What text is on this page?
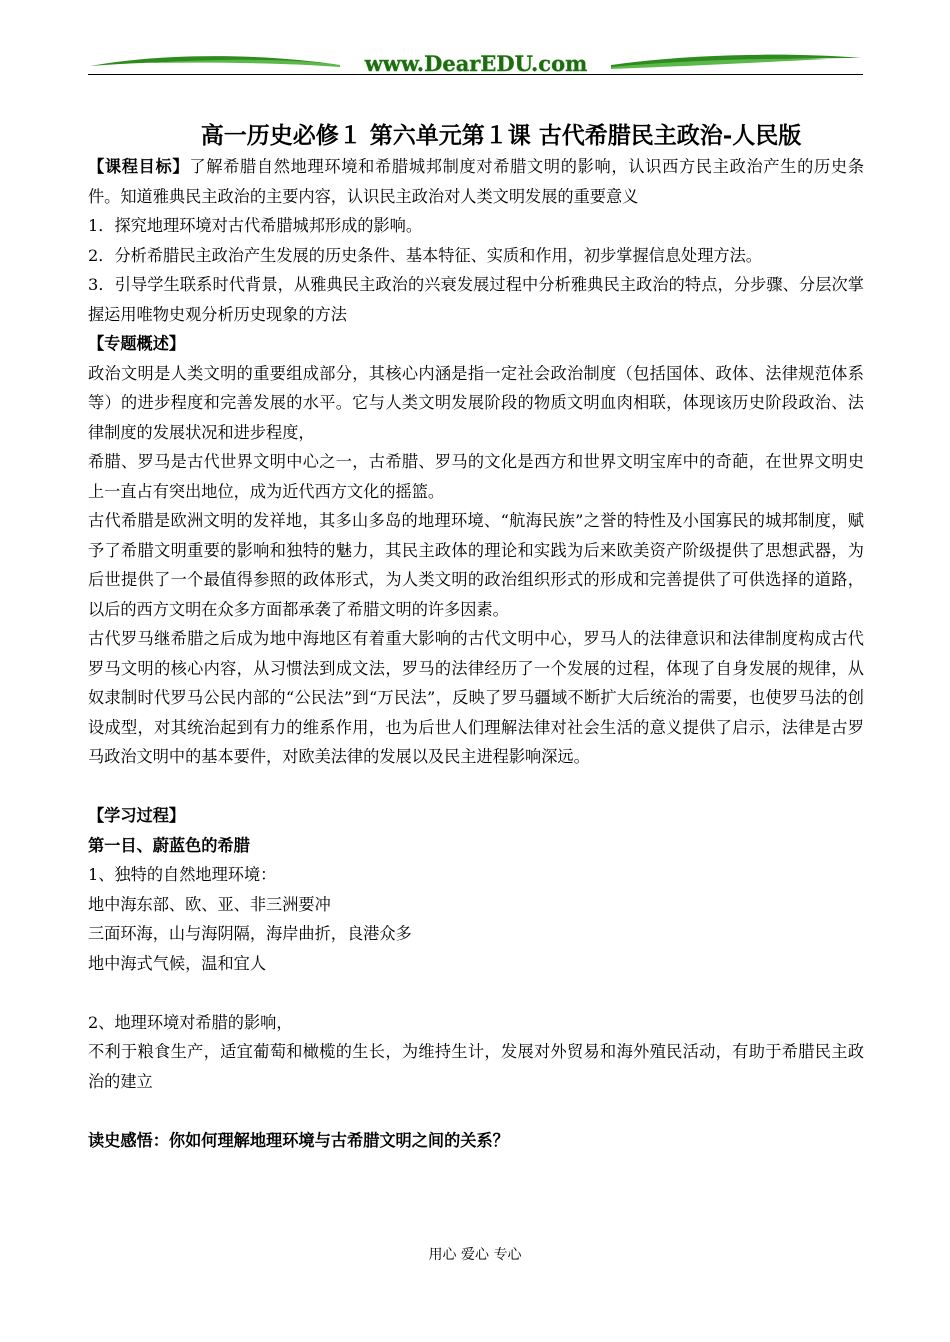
www.DearEDU.com
高一历史必修１ 第六单元第１课 古代希腊民主政治-人民版

【课程目标】了解希腊自然地理环境和希腊城邦制度对希腊文明的影响，认识西方民主政治产生的历史条件。知道雅典民主政治的主要内容，认识民主政治对人类文明发展的重要意义

1．探究地理环境对古代希腊城邦形成的影响。

2．分析希腊民主政治产生发展的历史条件、基本特征、实质和作用，初步掌握信息处理方法。

3．引导学生联系时代背景，从雅典民主政治的兴衰发展过程中分析雅典民主政治的特点，分步骤、分层次掌握运用唯物史观分析历史现象的方法

【专题概述】

政治文明是人类文明的重要组成部分，其核心内涵是指一定社会政治制度（包括国体、政体、法律规范体系等）的进步程度和完善发展的水平。它与人类文明发展阶段的物质文明血肉相联，体现该历史阶段政治、法律制度的发展状况和进步程度，

希腊、罗马是古代世界文明中心之一，古希腊、罗马的文化是西方和世界文明宝库中的奇葩，在世界文明史上一直占有突出地位，成为近代西方文化的摇篮。

古代希腊是欧洲文明的发祥地，其多山多岛的地理环境、“航海民族”之誉的特性及小国寡民的城邦制度，赋予了希腊文明重要的影响和独特的魅力，其民主政体的理论和实践为后来欧美资产阶级提供了思想武器，为后世提供了一个最值得参照的政体形式，为人类文明的政治组织形式的形成和完善提供了可供选择的道路，以后的西方文明在众多方面都承袭了希腊文明的许多因素。

古代罗马继希腊之后成为地中海地区有着重大影响的古代文明中心，罗马人的法律意识和法律制度构成古代罗马文明的核心内容，从习惯法到成文法，罗马的法律经历了一个发展的过程，体现了自身发展的规律，从奴隶制时代罗马公民内部的“公民法”到“万民法”，反映了罗马疆域不断扩大后统治的需要，也使罗马法的创设成型，对其统治起到有力的维系作用，也为后世人们理解法律对社会生活的意义提供了启示，法律是古罗马政治文明中的基本要件，对欧美法律的发展以及民主进程影响深远。

【学习过程】

第一目、蔚蓝色的希腊

1、独特的自然地理环境：

地中海东部、欧、亚、非三洲要冲

三面环海，山与海阴隔，海岸曲折，良港众多

地中海式气候，温和宜人

2、地理环境对希腊的影响，

不利于粮食生产，适宜葡萄和橄榄的生长，为维持生计，发展对外贸易和海外殖民活动，有助于希腊民主政治的建立

读史感悟：你如何理解地理环境与古希腊文明之间的关系？

用心 爱心 专心
